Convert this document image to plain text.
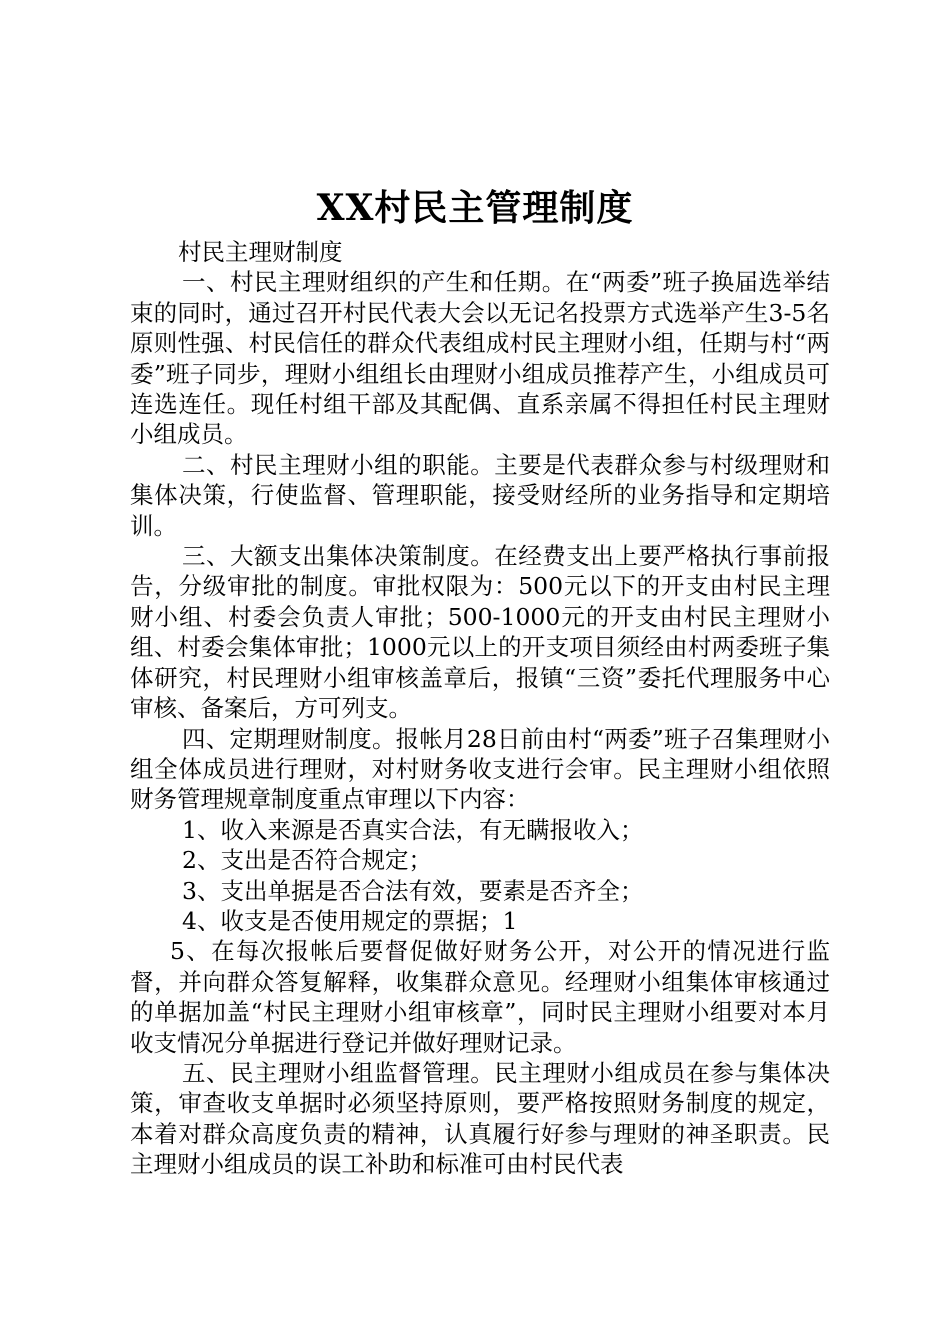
XX村民主管理制度

村民主理财制度

一、村民主理财组织的产生和任期。在“两委”班子换届选举结束的同时，通过召开村民代表大会以无记名投票方式选举产生3-5名原则性强、村民信任的群众代表组成村民主理财小组，任期与村“两委”班子同步，理财小组组长由理财小组成员推荐产生，小组成员可连选连任。现任村组干部及其配偶、直系亲属不得担任村民主理财小组成员。

二、村民主理财小组的职能。主要是代表群众参与村级理财和集体决策，行使监督、管理职能，接受财经所的业务指导和定期培训。

三、大额支出集体决策制度。在经费支出上要严格执行事前报告，分级审批的制度。审批权限为：500元以下的开支由村民主理财小组、村委会负责人审批；500-1000元的开支由村民主理财小组、村委会集体审批；1000元以上的开支项目须经由村两委班子集体研究，村民理财小组审核盖章后，报镇“三资”委托代理服务中心审核、备案后，方可列支。

四、定期理财制度。报帐月28日前由村“两委”班子召集理财小组全体成员进行理财，对村财务收支进行会审。民主理财小组依照财务管理规章制度重点审理以下内容：

1、收入来源是否真实合法，有无瞒报收入；

2、支出是否符合规定；

3、支出单据是否合法有效，要素是否齐全；

4、收支是否使用规定的票据；1

5、在每次报帐后要督促做好财务公开，对公开的情况进行监督，并向群众答复解释，收集群众意见。经理财小组集体审核通过的单据加盖“村民主理财小组审核章”，同时民主理财小组要对本月收支情况分单据进行登记并做好理财记录。

五、民主理财小组监督管理。民主理财小组成员在参与集体决策，审查收支单据时必须坚持原则，要严格按照财务制度的规定，本着对群众高度负责的精神，认真履行好参与理财的神圣职责。民主理财小组成员的误工补助和标准可由村民代表
